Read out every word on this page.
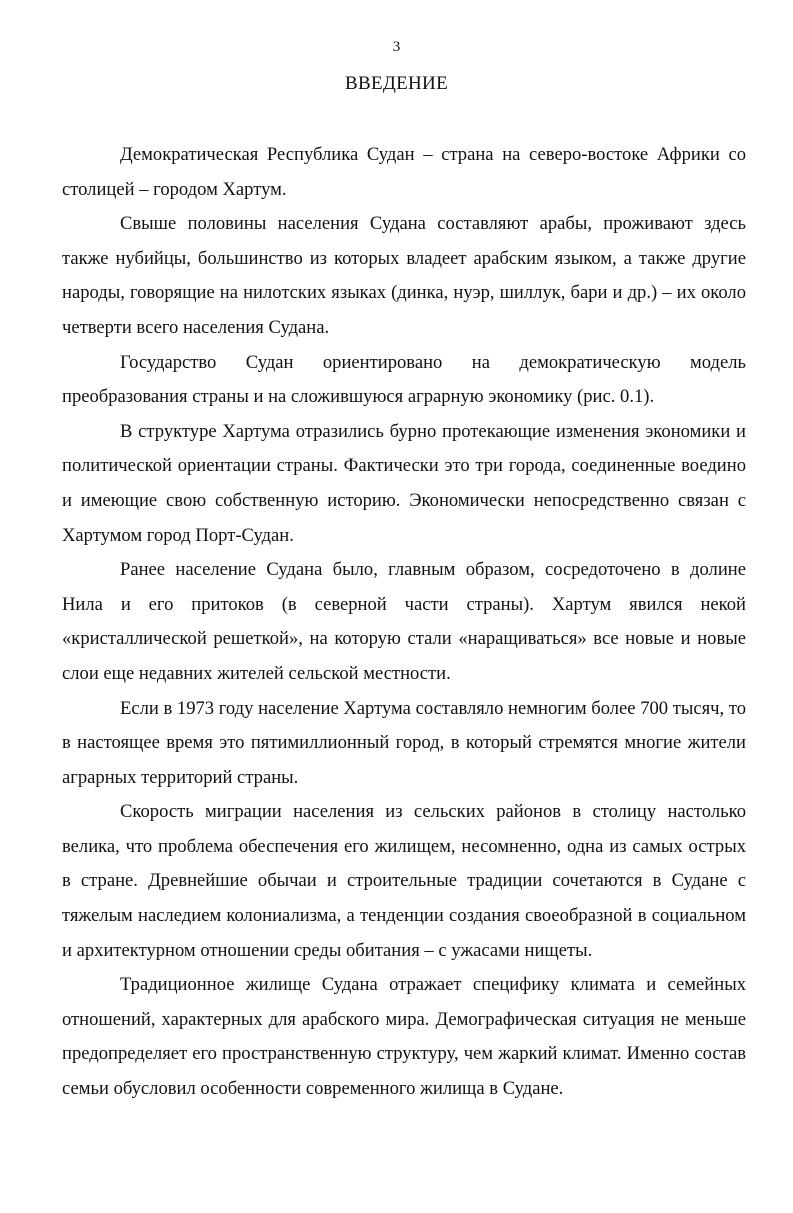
3
ВВЕДЕНИЕ

Демократическая Республика Судан – страна на северо-востоке Африки со столицей – городом Хартум.

Свыше половины населения Судана составляют арабы, проживают здесь также нубийцы, большинство из которых владеет арабским языком, а также другие народы, говорящие на нилотских языках (динка, нуэр, шиллук, бари и др.) – их около четверти всего населения Судана.

Государство Судан ориентировано на демократическую модель преобразования страны и на сложившуюся аграрную экономику (рис. 0.1).

В структуре Хартума отразились бурно протекающие изменения экономики и политической ориентации страны. Фактически это три города, соединенные воедино и имеющие свою собственную историю. Экономически непосредственно связан с Хартумом город Порт-Судан.

Ранее население Судана было, главным образом, сосредоточено в долине Нила и его притоков (в северной части страны). Хартум явился некой «кристаллической решеткой», на которую стали «наращиваться» все новые и новые слои еще недавних жителей сельской местности.

Если в 1973 году население Хартума составляло немногим более 700 тысяч, то в настоящее время это пятимиллионный город, в который стремятся многие жители аграрных территорий страны.

Скорость миграции населения из сельских районов в столицу настолько велика, что проблема обеспечения его жилищем, несомненно, одна из самых острых в стране. Древнейшие обычаи и строительные традиции сочетаются в Судане с тяжелым наследием колониализма, а тенденции создания своеобразной в социальном и архитектурном отношении среды обитания – с ужасами нищеты.

Традиционное жилище Судана отражает специфику климата и семейных отношений, характерных для арабского мира. Демографическая ситуация не меньше предопределяет его пространственную структуру, чем жаркий климат. Именно состав семьи обусловил особенности современного жилища в Судане.
